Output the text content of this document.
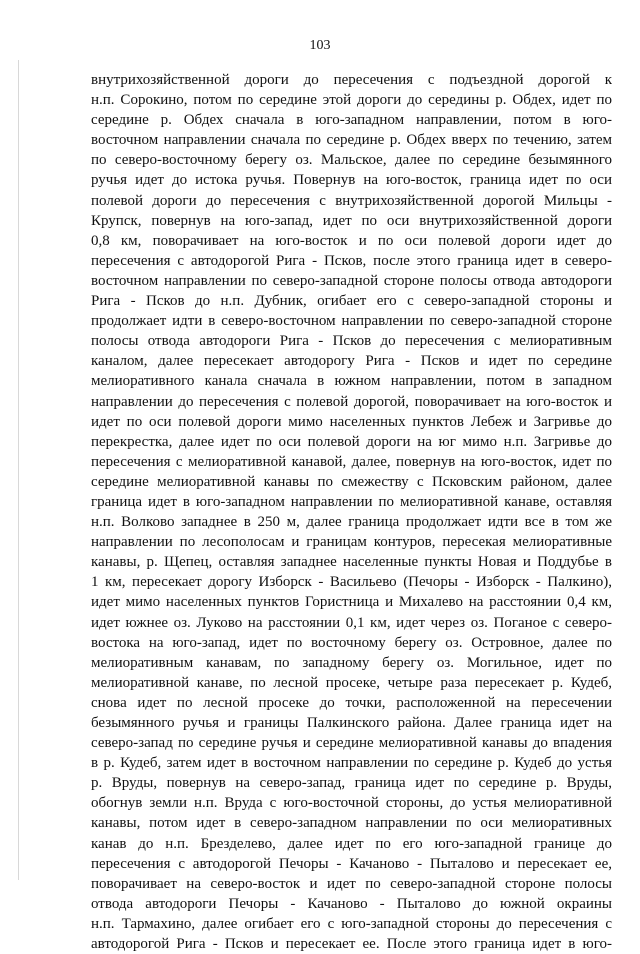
103
внутрихозяйственной дороги до пересечения с подъездной дорогой к
н.п. Сорокино, потом по середине этой дороги до середины р. Обдех, идет по
середине р. Обдех сначала в юго-западном направлении, потом в юго-
восточном направлении сначала по середине р. Обдех вверх по течению, затем
по северо-восточному берегу оз. Мальское, далее по середине безымянного
ручья идет до истока ручья. Повернув на юго-восток, граница идет по оси
полевой дороги до пересечения с внутрихозяйственной дорогой Мильцы -
Крупск, повернув на юго-запад, идет по оси внутрихозяйственной дороги
0,8 км, поворачивает на юго-восток и по оси полевой дороги идет до
пересечения с автодорогой Рига - Псков, после этого граница идет в северо-
восточном направлении по северо-западной стороне полосы отвода автодороги
Рига - Псков до н.п. Дубник, огибает его с северо-западной стороны и
продолжает идти в северо-восточном направлении по северо-западной стороне
полосы отвода автодороги Рига - Псков до пересечения с мелиоративным
каналом, далее пересекает автодорогу Рига - Псков и идет по середине
мелиоративного канала сначала в южном направлении, потом в западном
направлении до пересечения с полевой дорогой, поворачивает на юго-восток и
идет по оси полевой дороги мимо населенных пунктов Лебеж и Загривье до
перекрестка, далее идет по оси полевой дороги на юг мимо н.п. Загривье до
пересечения с мелиоративной канавой, далее, повернув на юго-восток, идет по
середине мелиоративной канавы по смежеству с Псковским районом, далее
граница идет в юго-западном направлении по мелиоративной канаве, оставляя
н.п. Волково западнее в 250 м, далее граница продолжает идти все в том же
направлении по лесополосам и границам контуров, пересекая мелиоративные
канавы, р. Щепец, оставляя западнее населенные пункты Новая и Поддубье в
1 км, пересекает дорогу Изборск - Васильево (Печоры - Изборск - Палкино),
идет мимо населенных пунктов Гористница и Михалево на расстоянии 0,4 км,
идет южнее оз. Луково на расстоянии 0,1 км, идет через оз. Поганое с северо-
востока на юго-запад, идет по восточному берегу оз. Островное, далее по
мелиоративным канавам, по западному берегу оз. Могильное, идет по
мелиоративной канаве, по лесной просеке, четыре раза пересекает р. Кудеб,
снова идет по лесной просеке до точки, расположенной на пересечении
безымянного ручья и границы Палкинского района. Далее граница идет на
северо-запад по середине ручья и середине мелиоративной канавы до впадения
в р. Кудеб, затем идет в восточном направлении по середине р. Кудеб до устья
р. Вруды, повернув на северо-запад, граница идет по середине р. Вруды,
обогнув земли н.п. Вруда с юго-восточной стороны, до устья мелиоративной
канавы, потом идет в северо-западном направлении по оси мелиоративных
канав до н.п. Брезделево, далее идет по его юго-западной границе до
пересечения с автодорогой Печоры - Качаново - Пыталово и пересекает ее,
поворачивает на северо-восток и идет по северо-западной стороне полосы
отвода автодороги Печоры - Качаново - Пыталово до южной окраины
н.п. Тармахино, далее огибает его с юго-западной стороны до пересечения с
автодорогой Рига - Псков и пересекает ее. После этого граница идет в юго-
